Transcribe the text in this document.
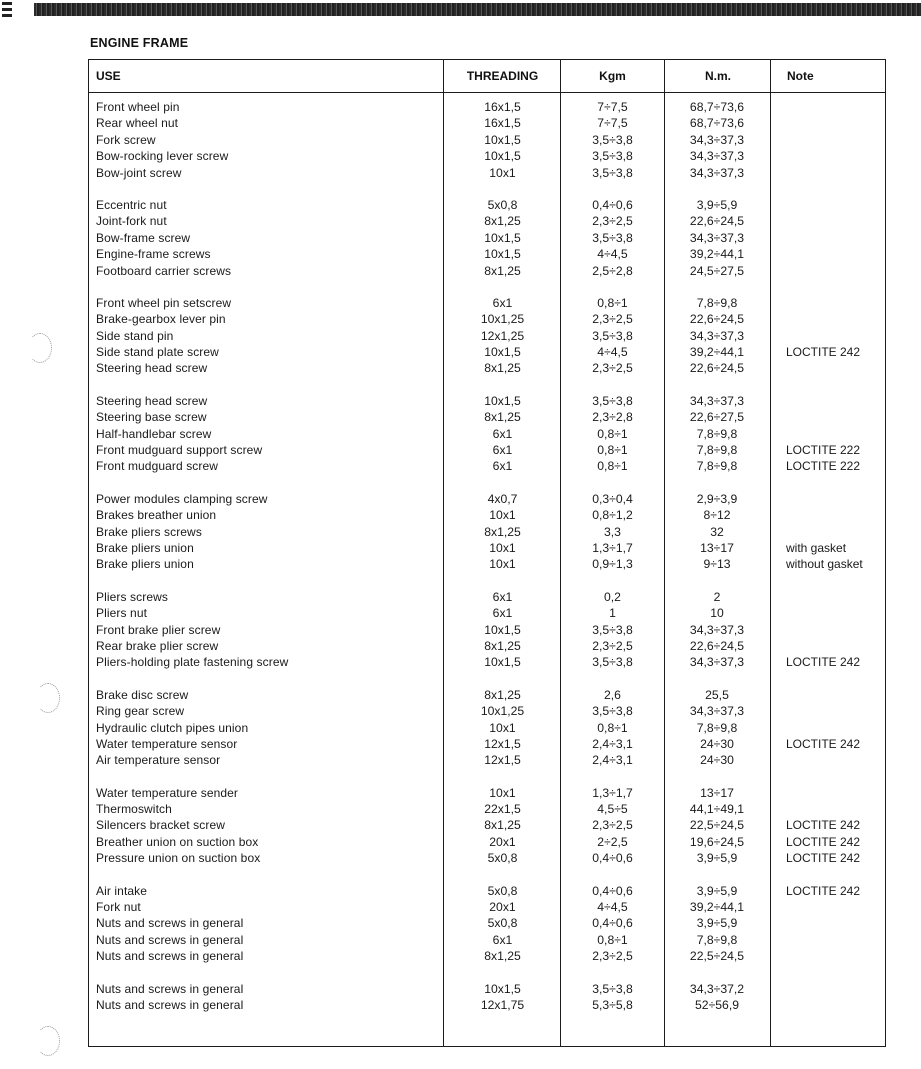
ENGINE FRAME
USE	THREADING	Kgm	N.m.	Note
Front wheel pin	16x1,5	7÷7,5	68,7÷73,6
Rear wheel nut	16x1,5	7÷7,5	68,7÷73,6
Fork screw	10x1,5	3,5÷3,8	34,3÷37,3
Bow-rocking lever screw	10x1,5	3,5÷3,8	34,3÷37,3
Bow-joint screw	10x1	3,5÷3,8	34,3÷37,3
Eccentric nut	5x0,8	0,4÷0,6	3,9÷5,9
Joint-fork nut	8x1,25	2,3÷2,5	22,6÷24,5
Bow-frame screw	10x1,5	3,5÷3,8	34,3÷37,3
Engine-frame screws	10x1,5	4÷4,5	39,2÷44,1
Footboard carrier screws	8x1,25	2,5÷2,8	24,5÷27,5
Front wheel pin setscrew	6x1	0,8÷1	7,8÷9,8
Brake-gearbox lever pin	10x1,25	2,3÷2,5	22,6÷24,5
Side stand pin	12x1,25	3,5÷3,8	34,3÷37,3
Side stand plate screw	10x1,5	4÷4,5	39,2÷44,1	LOCTITE 242
Steering head screw	8x1,25	2,3÷2,5	22,6÷24,5
Steering head screw	10x1,5	3,5÷3,8	34,3÷37,3
Steering base screw	8x1,25	2,3÷2,8	22,6÷27,5
Half-handlebar screw	6x1	0,8÷1	7,8÷9,8
Front mudguard support screw	6x1	0,8÷1	7,8÷9,8	LOCTITE 222
Front mudguard screw	6x1	0,8÷1	7,8÷9,8	LOCTITE 222
Power modules clamping screw	4x0,7	0,3÷0,4	2,9÷3,9
Brakes breather union	10x1	0,8÷1,2	8÷12
Brake pliers screws	8x1,25	3,3	32
Brake pliers union	10x1	1,3÷1,7	13÷17	with gasket
Brake pliers union	10x1	0,9÷1,3	9÷13	without gasket
Pliers screws	6x1	0,2	2
Pliers nut	6x1	1	10
Front brake plier screw	10x1,5	3,5÷3,8	34,3÷37,3
Rear brake plier screw	8x1,25	2,3÷2,5	22,6÷24,5
Pliers-holding plate fastening screw	10x1,5	3,5÷3,8	34,3÷37,3	LOCTITE 242
Brake disc screw	8x1,25	2,6	25,5
Ring gear screw	10x1,25	3,5÷3,8	34,3÷37,3
Hydraulic clutch pipes union	10x1	0,8÷1	7,8÷9,8
Water temperature sensor	12x1,5	2,4÷3,1	24÷30	LOCTITE 242
Air temperature sensor	12x1,5	2,4÷3,1	24÷30
Water temperature sender	10x1	1,3÷1,7	13÷17
Thermoswitch	22x1,5	4,5÷5	44,1÷49,1
Silencers bracket screw	8x1,25	2,3÷2,5	22,5÷24,5	LOCTITE 242
Breather union on suction box	20x1	2÷2,5	19,6÷24,5	LOCTITE 242
Pressure union on suction box	5x0,8	0,4÷0,6	3,9÷5,9	LOCTITE 242
Air intake	5x0,8	0,4÷0,6	3,9÷5,9	LOCTITE 242
Fork nut	20x1	4÷4,5	39,2÷44,1
Nuts and screws in general	5x0,8	0,4÷0,6	3,9÷5,9
Nuts and screws in general	6x1	0,8÷1	7,8÷9,8
Nuts and screws in general	8x1,25	2,3÷2,5	22,5÷24,5
Nuts and screws in general	10x1,5	3,5÷3,8	34,3÷37,2
Nuts and screws in general	12x1,75	5,3÷5,8	52÷56,9
